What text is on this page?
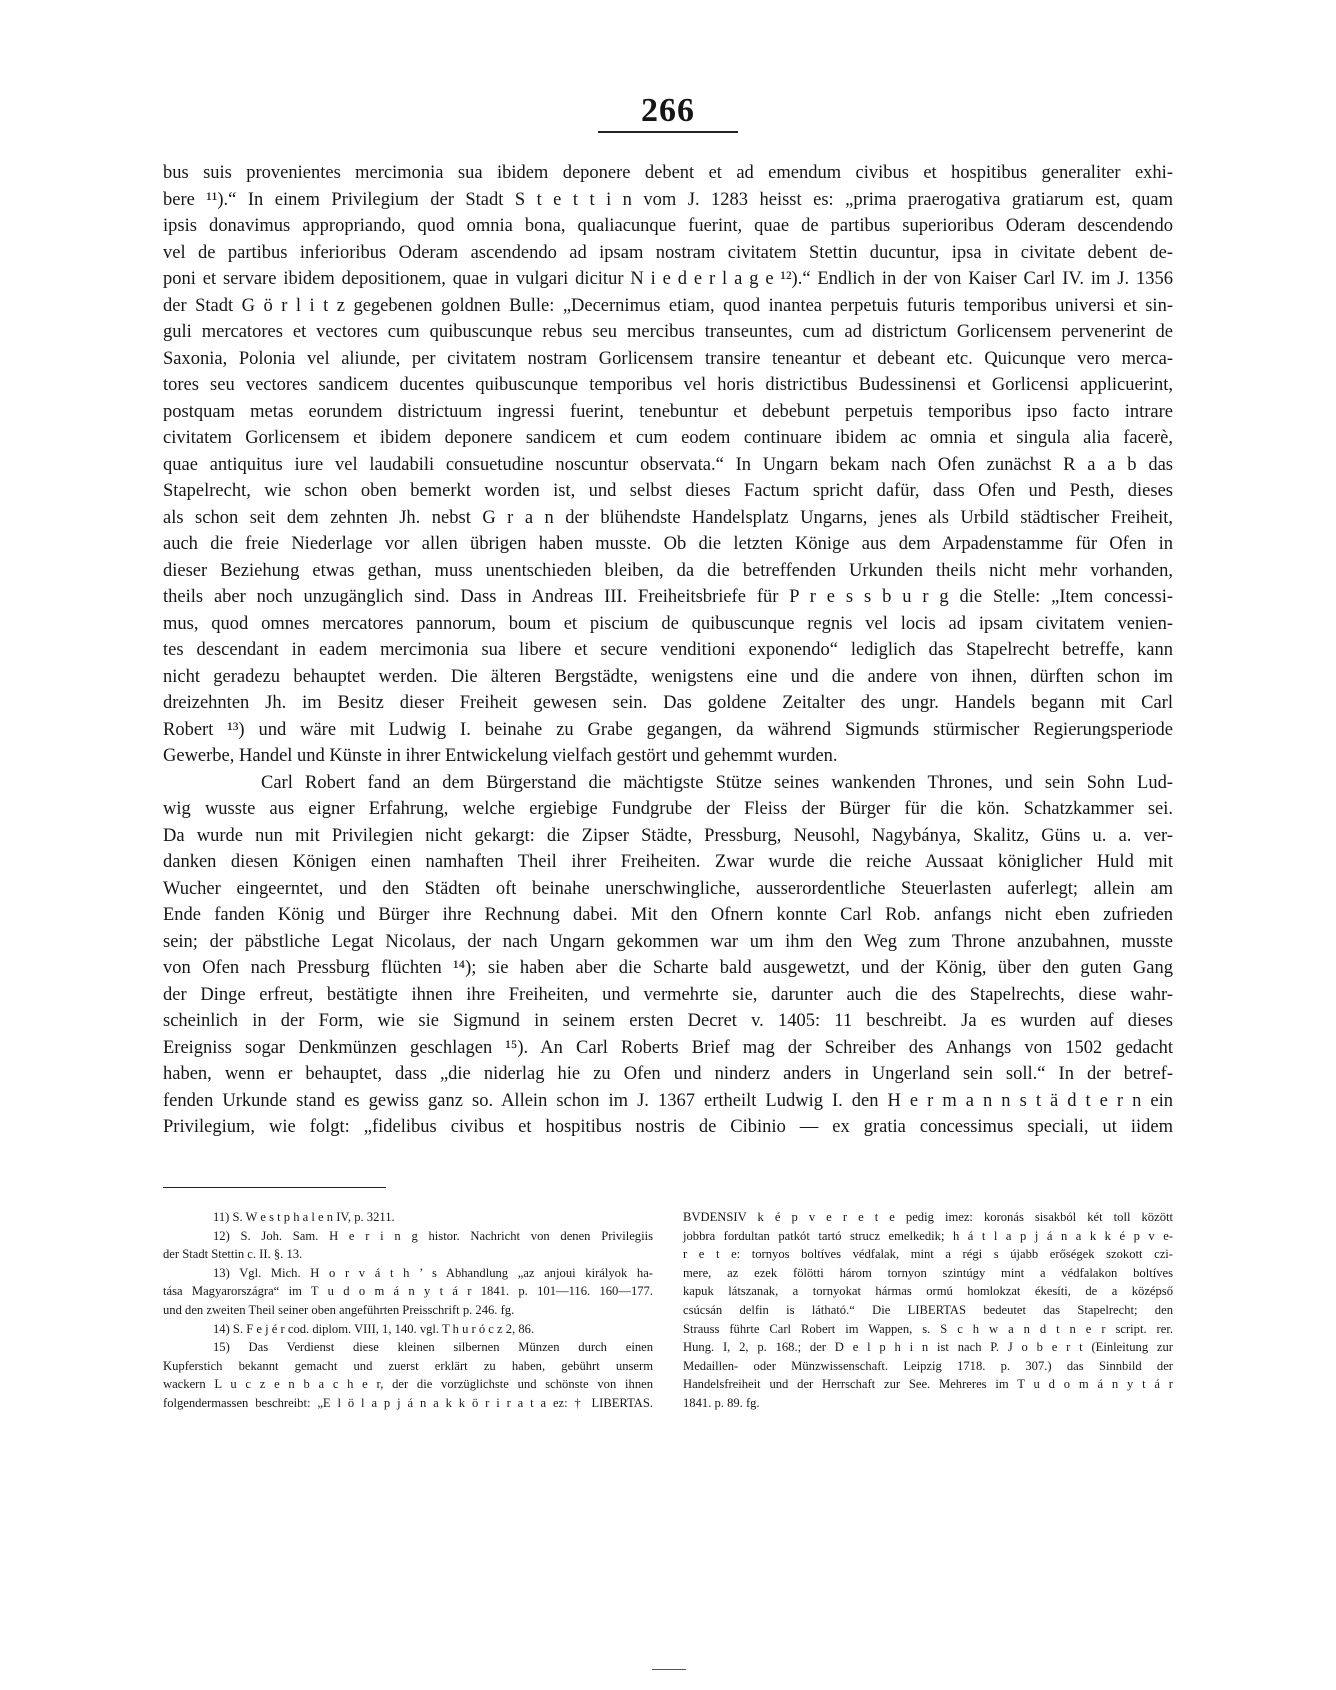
266
bus suis provenientes mercimonia sua ibidem deponere debent et ad emendum civibus et hospitibus generaliter exhi-
bere ¹¹).“ In einem Privilegium der Stadt S t e t t i n vom J. 1283 heisst es: „prima praerogativa gratiarum est, quam
ipsis donavimus appropriando, quod omnia bona, qualiacunque fuerint, quae de partibus superioribus Oderam descendendo
vel de partibus inferioribus Oderam ascendendo ad ipsam nostram civitatem Stettin ducuntur, ipsa in civitate debent de-
poni et servare ibidem depositionem, quae in vulgari dicitur N i e d e r l a g e ¹²).“ Endlich in der von Kaiser Carl IV. im J. 1356
der Stadt G ö r l i t z gegebenen goldnen Bulle: „Decernimus etiam, quod inantea perpetuis futuris temporibus universi et sin-
guli mercatores et vectores cum quibuscunque rebus seu mercibus transeuntes, cum ad districtum Gorlicensem pervenerint de
Saxonia, Polonia vel aliunde, per civitatem nostram Gorlicensem transire teneantur et debeant etc. Quicunque vero merca-
tores seu vectores sandicem ducentes quibuscunque temporibus vel horis districtibus Budessinensi et Gorlicensi applicuerint,
postquam metas eorundem districtuum ingressi fuerint, tenebuntur et debebunt perpetuis temporibus ipso facto intrare
civitatem Gorlicensem et ibidem deponere sandicem et cum eodem continuare ibidem ac omnia et singula alia facerè,
quae antiquitus iure vel laudabili consuetudine noscuntur observata.“ In Ungarn bekam nach Ofen zunächst R a a b das
Stapelrecht, wie schon oben bemerkt worden ist, und selbst dieses Factum spricht dafür, dass Ofen und Pesth, dieses
als schon seit dem zehnten Jh. nebst G r a n der blühendste Handelsplatz Ungarns, jenes als Urbild städtischer Freiheit,
auch die freie Niederlage vor allen übrigen haben musste. Ob die letzten Könige aus dem Arpadenstamme für Ofen in
dieser Beziehung etwas gethan, muss unentschieden bleiben, da die betreffenden Urkunden theils nicht mehr vorhanden,
theils aber noch unzugänglich sind. Dass in Andreas III. Freiheitsbriefe für P r e s s b u r g die Stelle: „Item concessi-
mus, quod omnes mercatores pannorum, boum et piscium de quibuscunque regnis vel locis ad ipsam civitatem venien-
tes descendant in eadem mercimonia sua libere et secure venditioni exponendo“ lediglich das Stapelrecht betreffe, kann
nicht geradezu behauptet werden. Die älteren Bergstädte, wenigstens eine und die andere von ihnen, dürften schon im
dreizehnten Jh. im Besitz dieser Freiheit gewesen sein. Das goldene Zeitalter des ungr. Handels begann mit Carl
Robert ¹³) und wäre mit Ludwig I. beinahe zu Grabe gegangen, da während Sigmunds stürmischer Regierungsperiode
Gewerbe, Handel und Künste in ihrer Entwickelung vielfach gestört und gehemmt wurden.
Carl Robert fand an dem Bürgerstand die mächtigste Stütze seines wankenden Thrones, und sein Sohn Lud-
wig wusste aus eigner Erfahrung, welche ergiebige Fundgrube der Fleiss der Bürger für die kön. Schatzkammer sei.
Da wurde nun mit Privilegien nicht gekargt: die Zipser Städte, Pressburg, Neusohl, Nagybánya, Skalitz, Güns u. a. ver-
danken diesen Königen einen namhaften Theil ihrer Freiheiten. Zwar wurde die reiche Aussaat königlicher Huld mit
Wucher eingeerntet, und den Städten oft beinahe unerschwingliche, ausserordentliche Steuerlasten auferlegt; allein am
Ende fanden König und Bürger ihre Rechnung dabei. Mit den Ofnern konnte Carl Rob. anfangs nicht eben zufrieden
sein; der päbstliche Legat Nicolaus, der nach Ungarn gekommen war um ihm den Weg zum Throne anzubahnen, musste
von Ofen nach Pressburg flüchten ¹⁴); sie haben aber die Scharte bald ausgewetzt, und der König, über den guten Gang
der Dinge erfreut, bestätigte ihnen ihre Freiheiten, und vermehrte sie, darunter auch die des Stapelrechts, diese wahr-
scheinlich in der Form, wie sie Sigmund in seinem ersten Decret v. 1405: 11 beschreibt. Ja es wurden auf dieses
Ereigniss sogar Denkmünzen geschlagen ¹⁵). An Carl Roberts Brief mag der Schreiber des Anhangs von 1502 gedacht
haben, wenn er behauptet, dass „die niderlag hie zu Ofen und ninderz anders in Ungerland sein soll.“ In der betref-
fenden Urkunde stand es gewiss ganz so. Allein schon im J. 1367 ertheilt Ludwig I. den H e r m a n n s t ä d t e r n ein
Privilegium, wie folgt: „fidelibus civibus et hospitibus nostris de Cibinio — ex gratia concessimus speciali, ut iidem
11) S. W e s t p h a l e n IV, p. 3211.
12) S. Joh. Sam. H e r i n g histor. Nachricht von denen Privilegiis
der Stadt Stettin c. II. §. 13.
13) Vgl. Mich. H o r v á t h ’ s Abhandlung „az anjoui királyok ha-
tása Magyarországra“ im T u d o m á n y t á r 1841. p. 101—116. 160—177.
und den zweiten Theil seiner oben angeführten Preisschrift p. 246. fg.
14) S. F e j é r cod. diplom. VIII, 1, 140. vgl. T h u r ó c z 2, 86.
15) Das Verdienst diese kleinen silbernen Münzen durch einen
Kupferstich bekannt gemacht und zuerst erklärt zu haben, gebührt unserm
wackern L u c z e n b a c h e r, der die vorzüglichste und schönste von ihnen
folgendermassen beschreibt: „E l ö l a p j á n a k k ö r i r a t a ez: † LIBERTAS.
BVDENSIV k é p v e r e t e pedig imez: koronás sisakból két toll között
jobbra fordultan patkót tartó strucz emelkedik; h á t l a p j á n a k k é p v e-
r e t e: tornyos boltíves védfalak, mint a régi s újabb erőségek szokott czi-
mere, az ezek fölötti három tornyon szintúgy mint a védfalakon boltíves
kapuk látszanak, a tornyokat hármas ormú homlokzat ékesíti, de a középső
csúcsán delfin is látható.“ Die LIBERTAS bedeutet das Stapelrecht; den
Strauss führte Carl Robert im Wappen, s. S c h w a n d t n e r script. rer.
Hung. I, 2, p. 168.; der D e l p h i n ist nach P. J o b e r t (Einleitung zur
Medaillen- oder Münzwissenschaft. Leipzig 1718. p. 307.) das Sinnbild der
Handelsfreiheit und der Herrschaft zur See. Mehreres im T u d o m á n y t á r
1841. p. 89. fg.
